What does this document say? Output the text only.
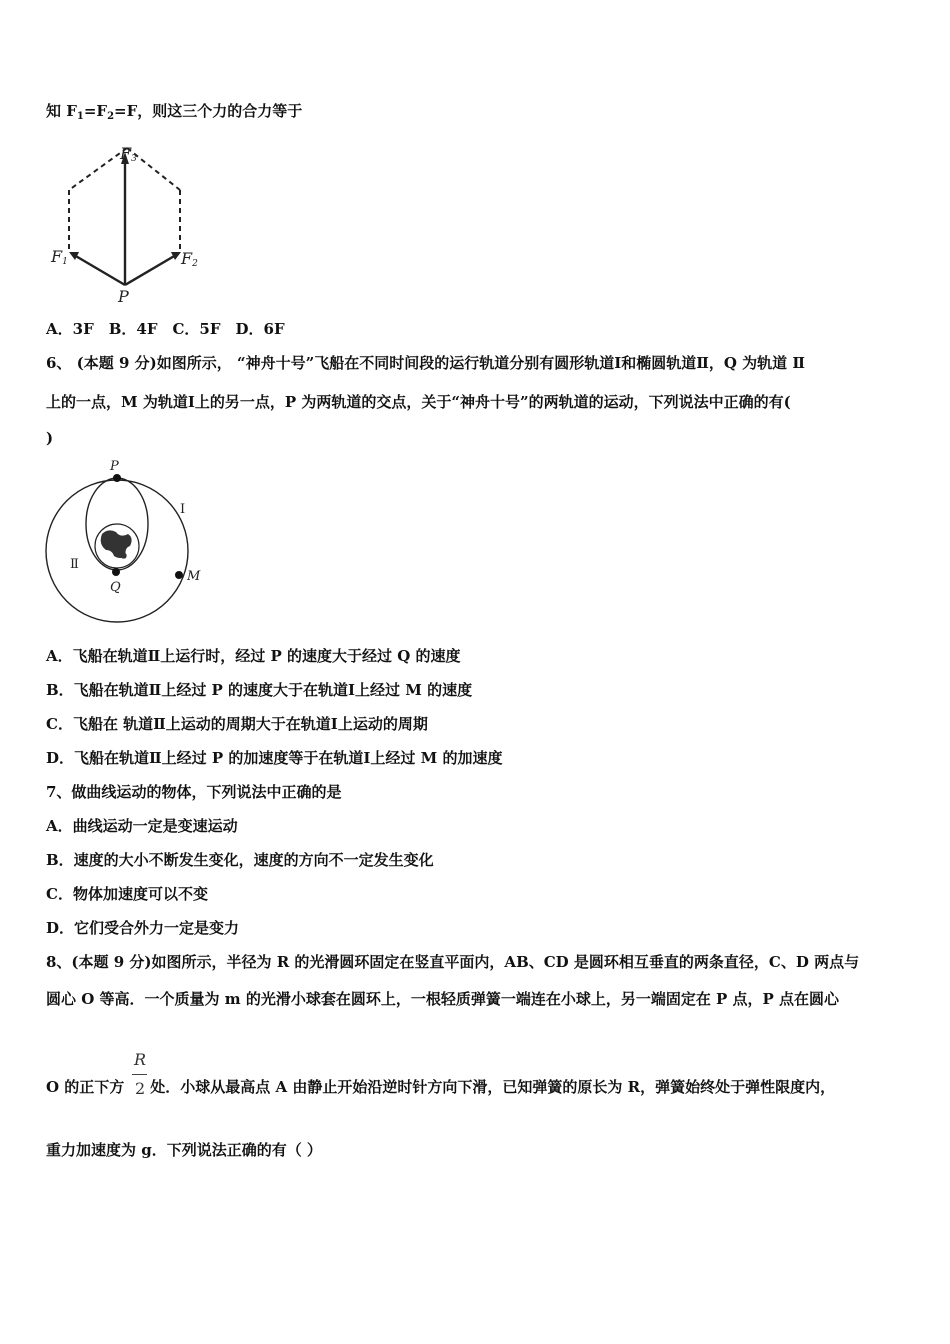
知 $F_1=F_2=F$，则这三个力的合力等于
F3
F1	F2
P
A．3F　B．4F　C．5F　D．6F
6、 (本题 9 分)如图所示， “神舟十号”飞船在不同时间段的运行轨道分别有圆形轨道Ⅰ和椭圆轨道Ⅱ，Q 为轨道 Ⅱ
上的一点，M 为轨道Ⅰ上的另一点，P 为两轨道的交点，关于“神舟十号”的两轨道的运动，下列说法中正确的有(
)
P
Q
M
Ⅰ
Ⅱ
A．飞船在轨道Ⅱ上运行时，经过 P 的速度大于经过 Q 的速度
B．飞船在轨道Ⅱ上经过 P 的速度大于在轨道Ⅰ上经过 M 的速度
C．飞船在 轨道Ⅱ上运动的周期大于在轨道Ⅰ上运动的周期
D．飞船在轨道Ⅱ上经过 P 的加速度等于在轨道Ⅰ上经过 M 的加速度
7、做曲线运动的物体，下列说法中正确的是
A．曲线运动一定是变速运动
B．速度的大小不断发生变化，速度的方向不一定发生变化
C．物体加速度可以不变
D．它们受合外力一定是变力
8、(本题 9 分)如图所示，半径为 R 的光滑圆环固定在竖直平面内，AB、CD 是圆环相互垂直的两条直径，C、D 两点与
圆心 O 等高．一个质量为 m 的光滑小球套在圆环上，一根轻质弹簧一端连在小球上，另一端固定在 P 点，P 点在圆心
O 的正下方 处．小球从最高点 A 由静止开始沿逆时针方向下滑，已知弹簧的原长为 R，弹簧始终处于弹性限度内，
R
2
重力加速度为 g．下列说法正确的有（ ）
